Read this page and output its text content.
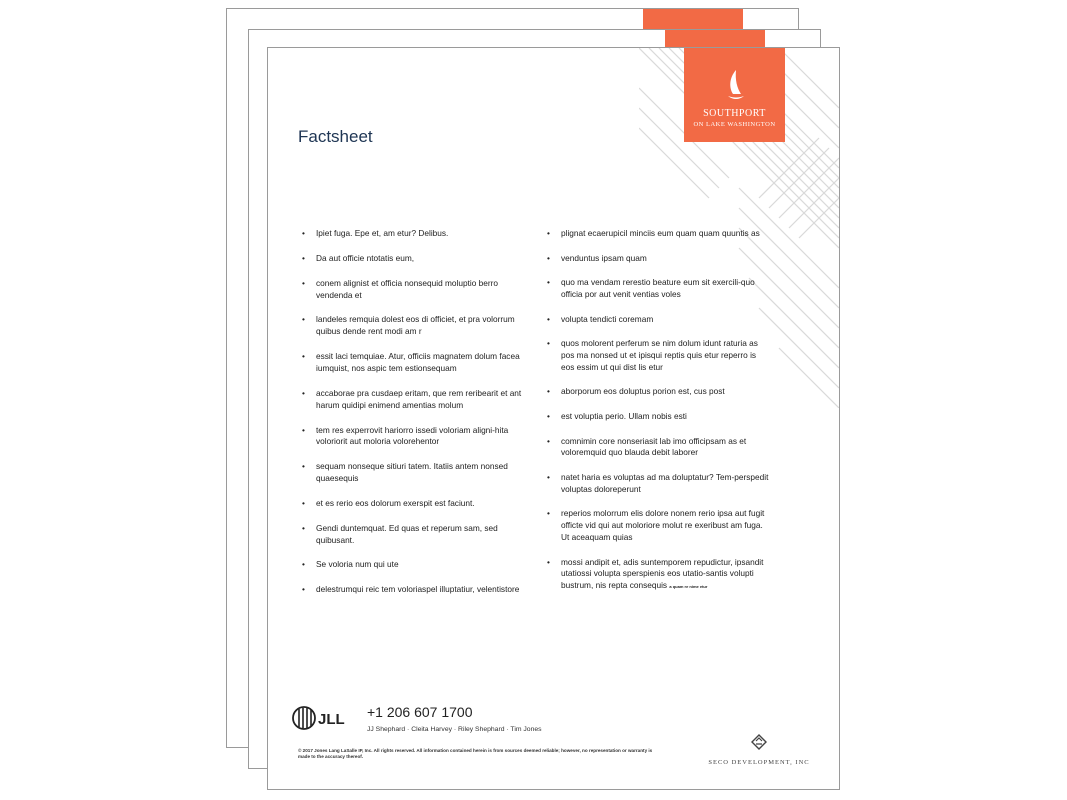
SOUTHPORT
ON LAKE WASHINGTON
Factsheet
• Ipiet fuga. Epe et, am etur? Delibus.
• Da aut officie ntotatis eum,
• conem alignist et officia nonsequid moluptio berro vendenda et
• landeles remquia dolest eos di officiet, et pra volorrum quibus dende rent modi am r
• essit laci temquiae. Atur, officiis magnatem dolum facea iumquist, nos aspic tem estionsequam
• accaborae pra cusdaep eritam, que rem reribearit et ant harum quidipi enimend amentias molum
• tem res experrovit hariorro issedi voloriam aligni-hita voloriorit aut moloria volorehentor
• sequam nonseque sitiuri tatem. Itatiis antem nonsed quaesequis
• et es rerio eos dolorum exerspit est faciunt.
• Gendi duntemquat. Ed quas et reperum sam, sed quibusant.
• Se voloria num qui ute
• delestrumqui reic tem voloriaspel illuptatiur, velentistore
• plignat ecaerupicil minciis eum quam quam quuntis as
• venduntus ipsam quam
• quo ma vendam rerestio beature eum sit exercili-quo officia por aut venit ventias voles
• volupta tendicti coremam
• quos molorent perferum se nim dolum idunt raturia as pos ma nonsed ut et ipisqui reptis quis etur reperro is eos essim ut qui dist lis etur
• aborporum eos doluptus porion est, cus post
• est voluptia perio. Ullam nobis esti
• comnimin core nonseriasit lab imo officipsam as et voloremquid quo blauda debit laborer
• natet haria es voluptas ad ma doluptatur? Tem-perspedit voluptas doloreperunt
• reperios molorrum elis dolore nonem rerio ipsa aut fugit officte vid qui aut moloriore molut re exeribust am fuga. Ut aceaquam quias
• mossi andipit et, adis suntemporem repudictur, ipsandit utatiossi volupta sperspienis eos utatio-santis volupti bustrum, nis repta consequis a quam re nime etur
JLL +1 206 607 1700
JJ Shephard · Cleita Harvey · Riley Shephard · Tim Jones
© 2017 Jones Lang LaSalle IP, Inc. All rights reserved. All information contained herein is from sources deemed reliable; however, no representation or warranty is made to the accuracy thereof.
SECO DEVELOPMENT, INC
